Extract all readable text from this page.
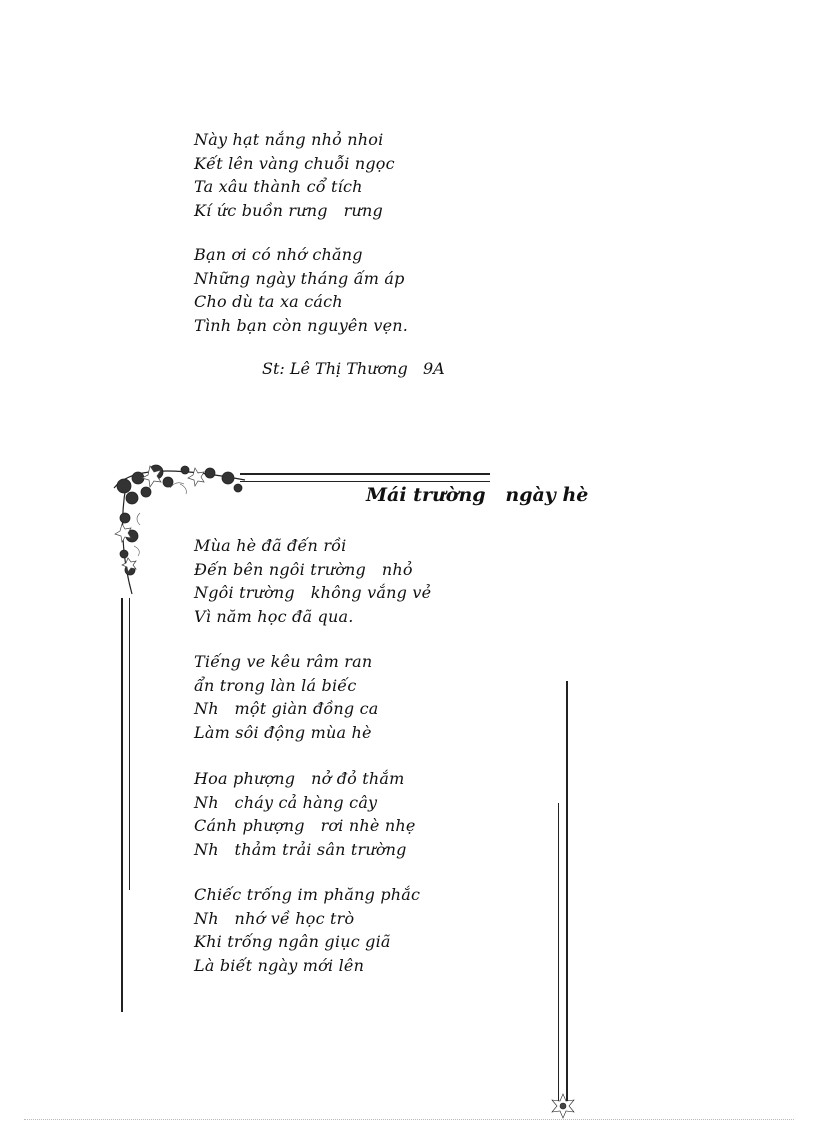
Này hạt nắng nhỏ nhoi
Kết lên vàng chuỗi ngọc
Ta xâu thành cổ tích
Kí ức buồn rưng   rưng
Bạn ơi có nhớ chăng
Những ngày tháng ấm áp
Cho dù ta xa cách
Tình bạn còn nguyên vẹn.
St: Lê Thị Thương   9A
Mái trường   ngày hè
Mùa hè đã đến rồi
Đến bên ngôi trường   nhỏ
Ngôi trường   không vắng vẻ
Vì năm học đã qua.
Tiếng ve kêu râm ran
ẩn trong làn lá biếc
Nh   một giàn đồng ca
Làm sôi động mùa hè
Hoa phượng   nở đỏ thắm
Nh   cháy cả hàng cây
Cánh phượng   rơi nhè nhẹ
Nh   thảm trải sân trường
Chiếc trống im phăng phắc
Nh   nhớ về học trò
Khi trống ngân giục giã
Là biết ngày mới lên
